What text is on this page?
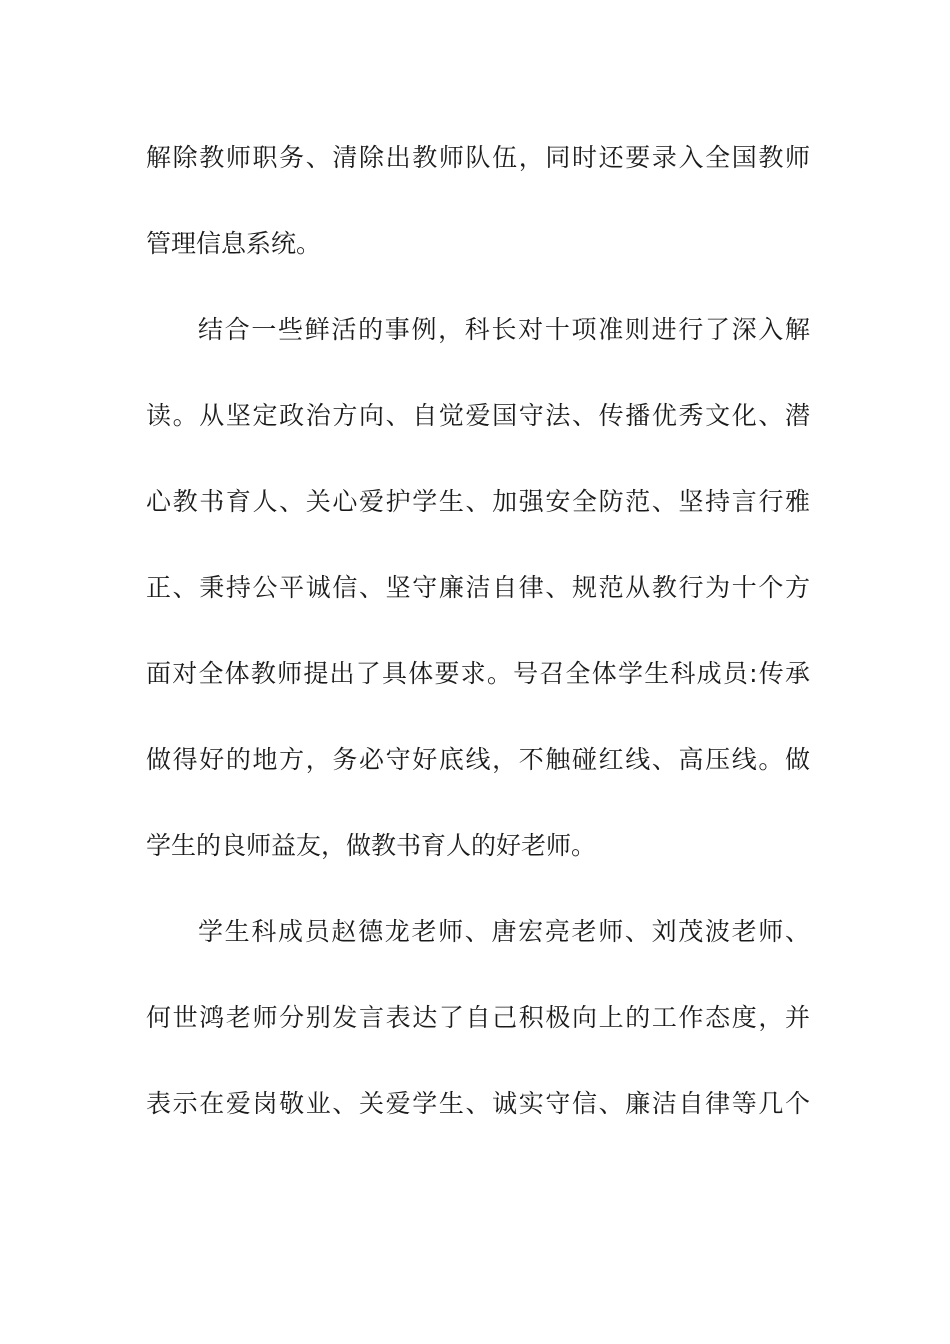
解除教师职务、清除出教师队伍，同时还要录入全国教师
管理信息系统。
结合一些鲜活的事例，科长对十项准则进行了深入解
读。从坚定政治方向、自觉爱国守法、传播优秀文化、潜
心教书育人、关心爱护学生、加强安全防范、坚持言行雅
正、秉持公平诚信、坚守廉洁自律、规范从教行为十个方
面对全体教师提出了具体要求。号召全体学生科成员:传承
做得好的地方，务必守好底线，不触碰红线、高压线。做
学生的良师益友，做教书育人的好老师。
学生科成员赵德龙老师、唐宏亮老师、刘茂波老师、
何世鸿老师分别发言表达了自己积极向上的工作态度，并
表示在爱岗敬业、关爱学生、诚实守信、廉洁自律等几个
